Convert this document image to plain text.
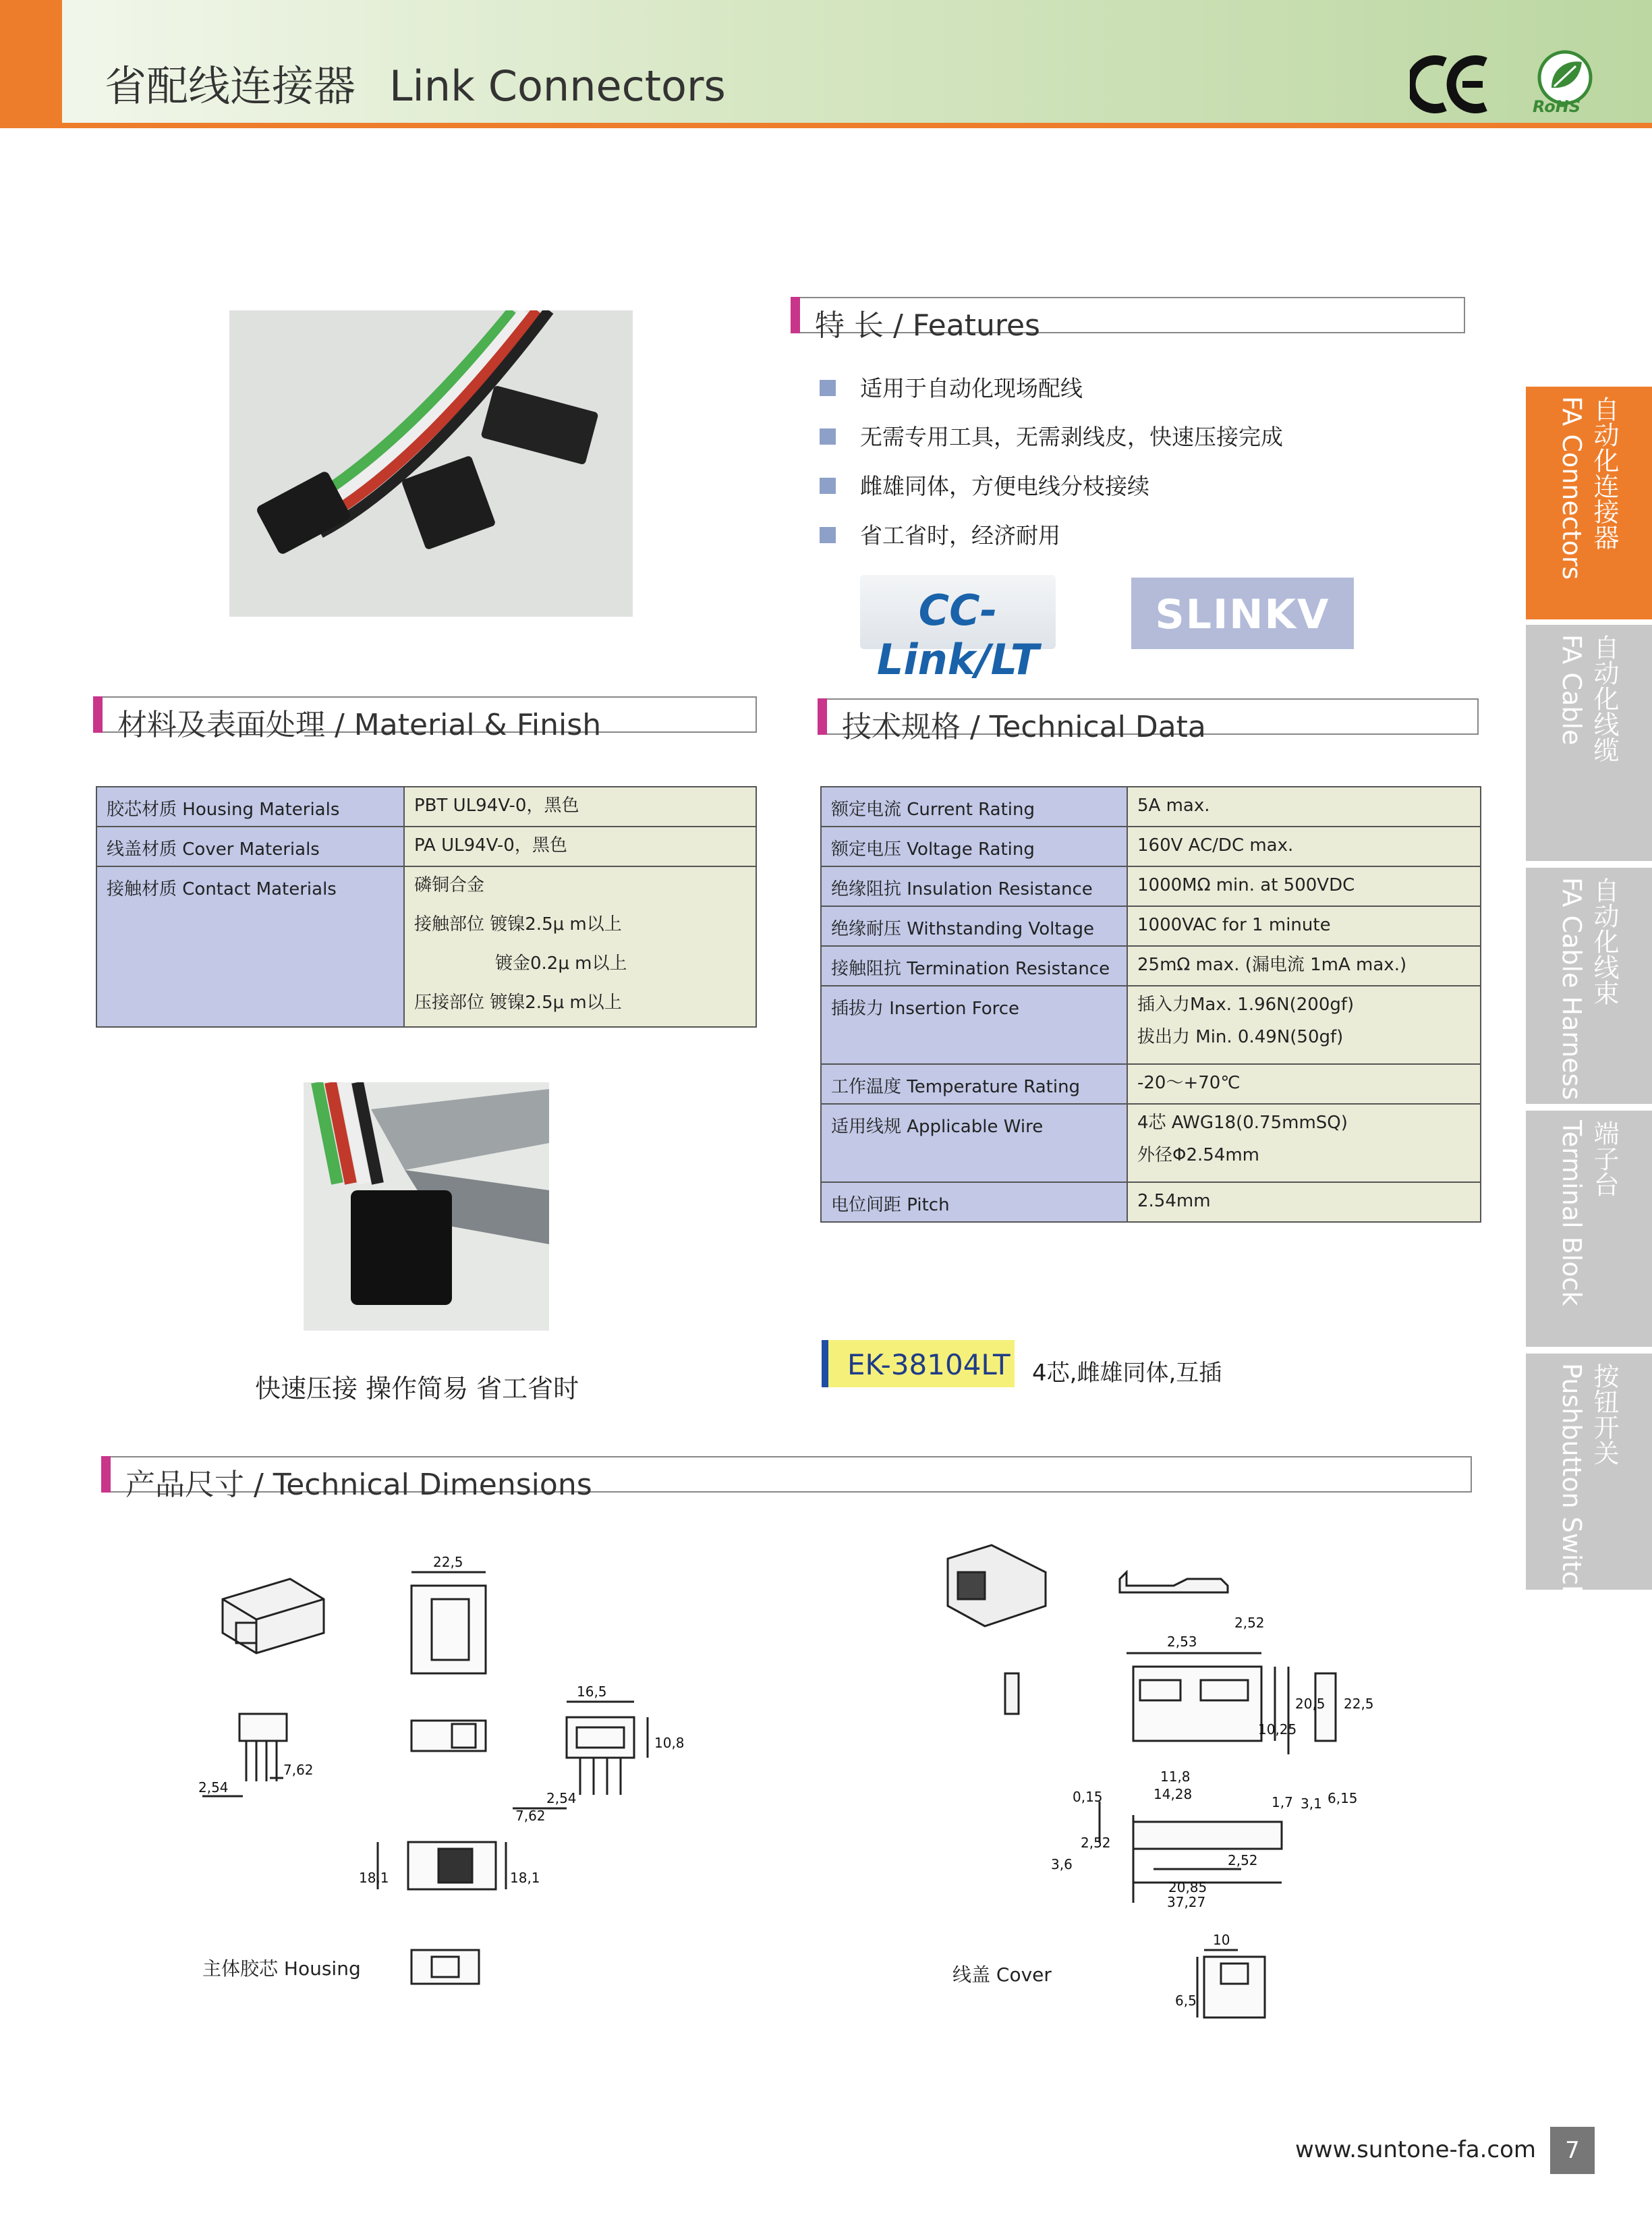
省配线连接器 Link Connectors	RoHS
特 长 / Features
适用于自动化现场配线
无需专用工具，无需剥线皮，快速压接完成
雌雄同体，方便电线分枝接续
省工省时，经济耐用
CC-Link/LT
SLINKV
材料及表面处理 / Material & Finish
胶芯材质 Housing Materials	PBT UL94V-0，黑色

线盖材质 Cover Materials	PA UL94V-0，黑色

接触材质 Contact Materials	磷铜合金
接触部位 镀镍2.5μ m以上
镀金0.2μ m以上
压接部位 镀镍2.5μ m以上
快速压接 操作简易 省工省时
技术规格 / Technical Data
额定电流 Current Rating	5A max.

额定电压 Voltage Rating	160V AC/DC max.

绝缘阻抗 Insulation Resistance	1000MΩ min. at 500VDC

绝缘耐压 Withstanding Voltage	1000VAC for 1 minute

接触阻抗 Termination Resistance	25mΩ max. (漏电流 1mA max.)

插拔力 Insertion Force	插入力Max. 1.96N(200gf)
拔出力 Min. 0.49N(50gf)

工作温度 Temperature Rating	-20～+70℃

适用线规 Applicable Wire	4芯 AWG18(0.75mmSQ)
外径Φ2.54mm

电位间距 Pitch	2.54mm
EK-38104LT 4芯,雌雄同体,互插
产品尺寸 / Technical Dimensions
22,5
16,5
10,8
7,62
2,54
2,54
7,62
18,1	18,1
主体胶芯 Housing
2,52
2,53
10,25
20,5 22,5
11,8
14,28
0,15	1,7 3,1 6,15
2,52
2,52
3,6
20,85
37,27
10
6,5
线盖 Cover
自动化连接器
FA Connectors
自动化线缆
FA Cable
自动化线束
FA Cable Harness
端子台
Terminal Block
按钮开关
Pushbutton Switch
www.suntone-fa.com	7
